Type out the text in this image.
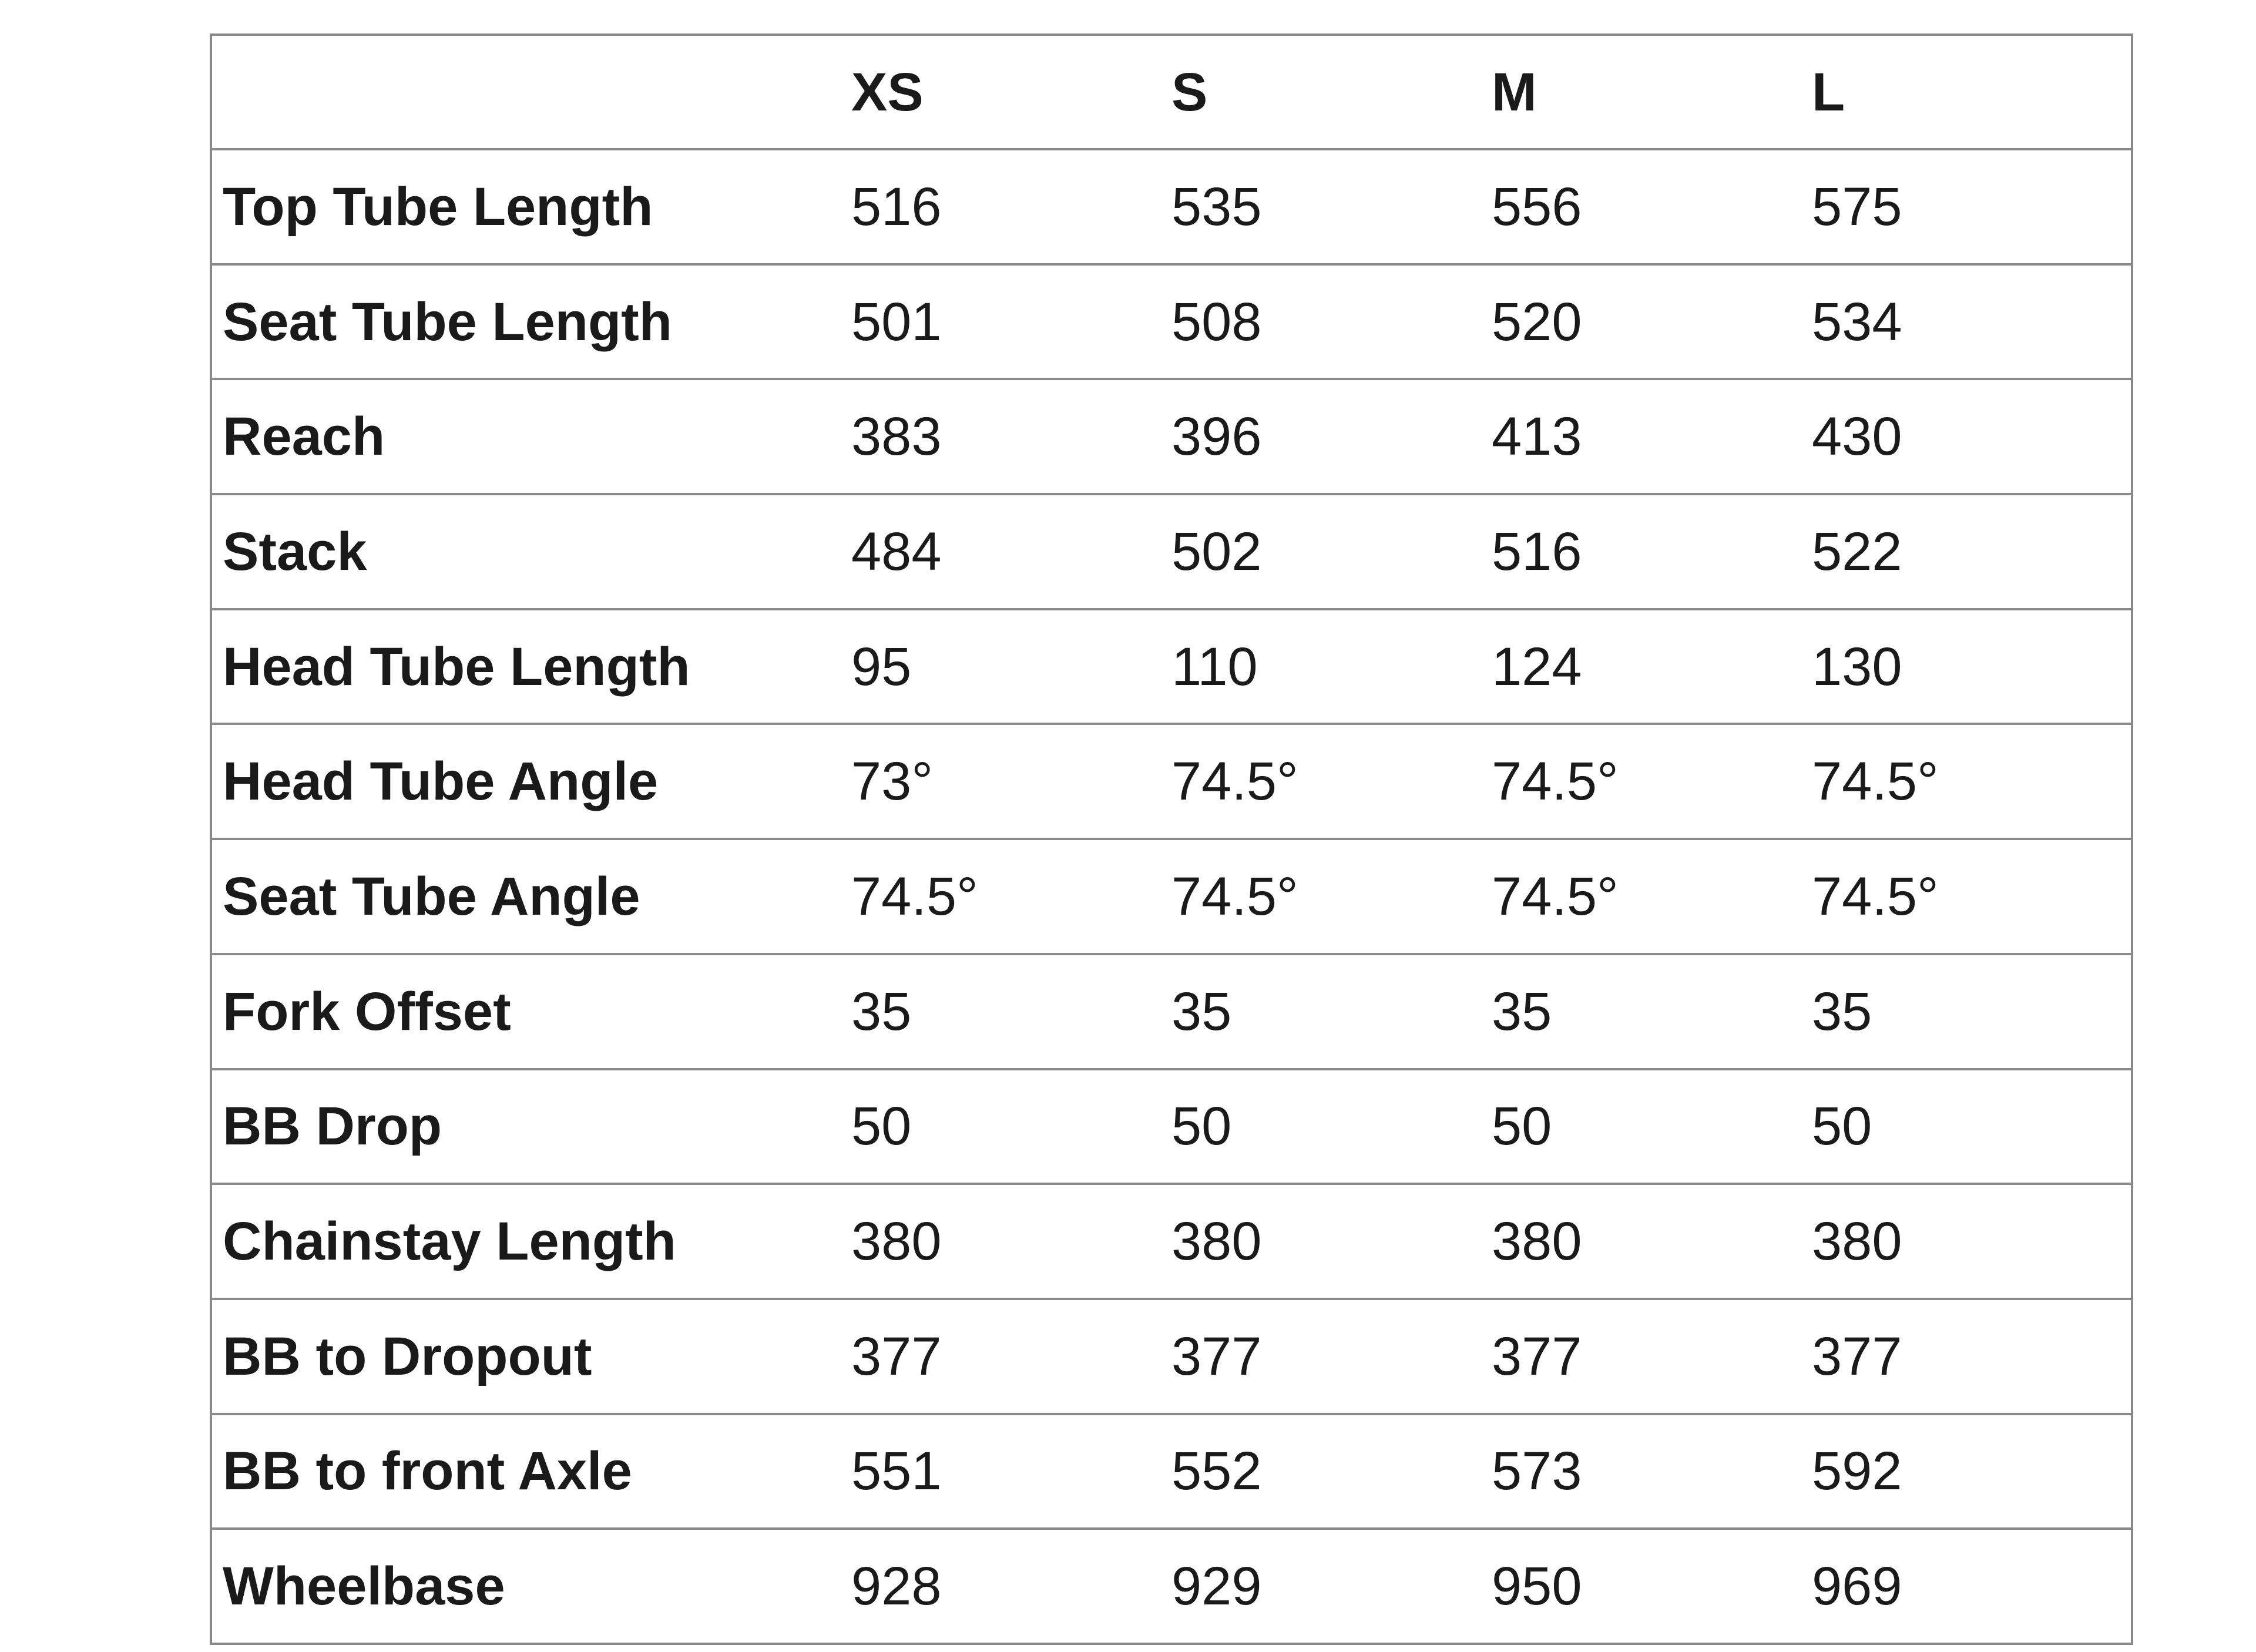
	XS	S	M	L
Top Tube Length	516	535	556	575
Seat Tube Length	501	508	520	534
Reach	383	396	413	430
Stack	484	502	516	522
Head Tube Length	95	110	124	130
Head Tube Angle	73°	74.5°	74.5°	74.5°
Seat Tube Angle	74.5°	74.5°	74.5°	74.5°
Fork Offset	35	35	35	35
BB Drop	50	50	50	50
Chainstay Length	380	380	380	380
BB to Dropout	377	377	377	377
BB to front Axle	551	552	573	592
Wheelbase	928	929	950	969
